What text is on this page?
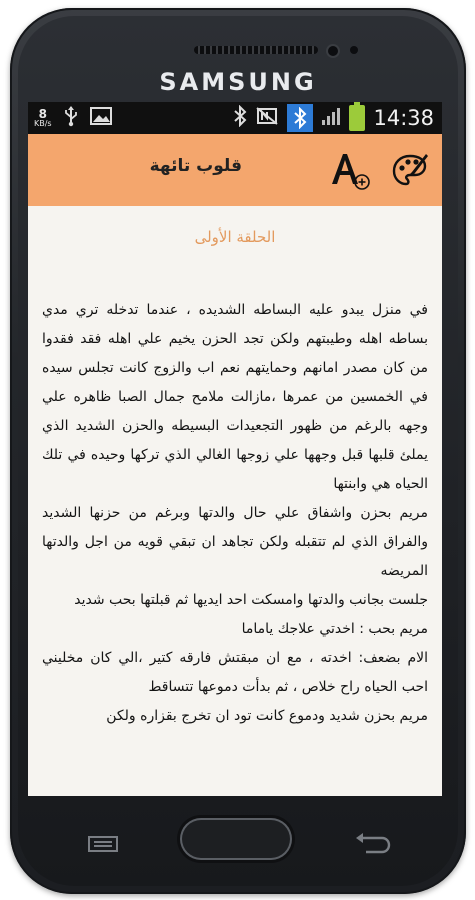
SAMSUNG
8
KB/s	14:38
قلوب تائهة
الحلقة الأولى
في منزل يبدو عليه البساطه الشديده ، عندما تدخله تري مدي بساطه اهله وطيبتهم ولكن تجد الحزن يخيم علي اهله فقد فقدوا من كان مصدر امانهم وحمايتهم نعم اب والزوج كانت تجلس سيده في الخمسين من عمرها ،مازالت ملامح جمال الصبا ظاهره علي وجهه بالرغم من ظهور التجعيدات البسيطه والحزن الشديد الذي يملئ قلبها قبل وجهها علي زوجها الغالي الذي تركها وحيده في تلك الحياه هي وابنتها
مريم بحزن واشفاق علي حال والدتها وبرغم من حزنها الشديد والفراق الذي لم تتقبله ولكن تجاهد ان تبقي قويه من اجل والدتها المريضه
جلست بجانب والدتها وامسكت احد ايديها ثم قبلتها بحب شديد
مريم بحب : اخدتي علاجك ياماما
الام بضعف: اخدته ، مع ان مبقتش فارقه كتير ،الي كان مخليني احب الحياه راح خلاص ، ثم بدأت دموعها تتساقط
مريم بحزن شديد ودموع كانت تود ان تخرج بقزاره ولكن
